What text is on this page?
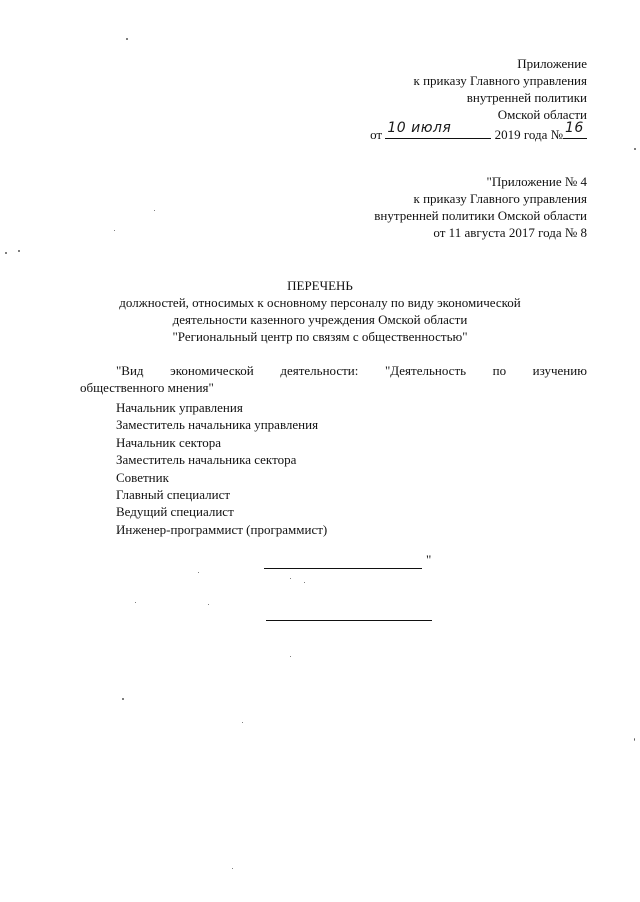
Приложение
к приказу Главного управления
внутренней политики
Омской области
от 10 июля	2019 года № 16
"Приложение № 4
к приказу Главного управления
внутренней политики Омской области
от 11 августа 2017 года № 8
ПЕРЕЧЕНЬ
должностей, относимых к основному персоналу по виду экономической
деятельности казенного учреждения Омской области
"Региональный центр по связям с общественностью"
"Вид экономической деятельности: "Деятельность по изучению
общественного мнения"
Начальник управления
Заместитель начальника управления
Начальник сектора
Заместитель начальника сектора
Советник
Главный специалист
Ведущий специалист
Инженер-программист (программист)
"
